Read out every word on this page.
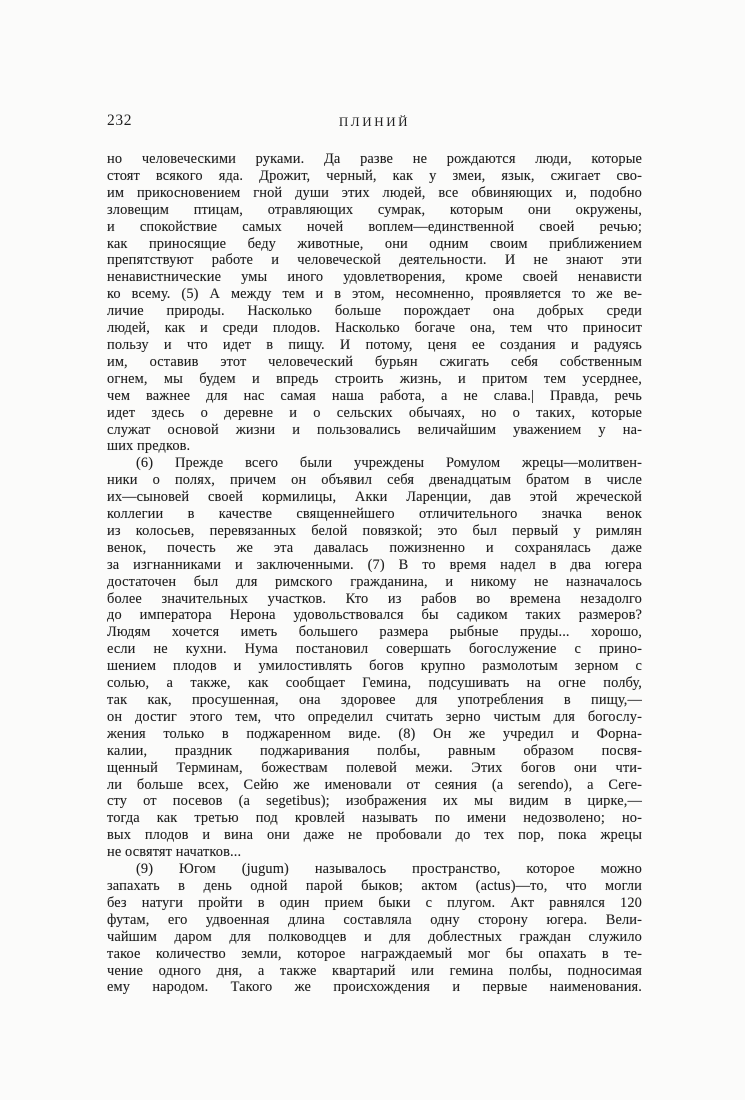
232	ПЛИНИЙ
но человеческими руками. Да разве не рождаются люди, которые
стоят всякого яда. Дрожит, черный, как у змеи, язык, сжигает сво-
им прикосновением гной души этих людей, все обвиняющих и, подобно
зловещим птицам, отравляющих сумрак, которым они окружены,
и спокойствие самых ночей воплем—единственной своей речью;
как приносящие беду животные, они одним своим приближением
препятствуют работе и человеческой деятельности. И не знают эти
ненавистнические умы иного удовлетворения, кроме своей ненависти
ко всему. (5) А между тем и в этом, несомненно, проявляется то же ве-
личие природы. Насколько больше порождает она добрых среди
людей, как и среди плодов. Насколько богаче она, тем что приносит
пользу и что идет в пищу. И потому, ценя ее создания и радуясь
им, оставив этот человеческий бурьян сжигать себя собственным
огнем, мы будем и впредь строить жизнь, и притом тем усерднее,
чем важнее для нас самая наша работа, а не слава.| Правда, речь
идет здесь о деревне и о сельских обычаях, но о таких, которые
служат основой жизни и пользовались величайшим уважением у на-
ших предков.
(6) Прежде всего были учреждены Ромулом жрецы—молитвен-
ники о полях, причем он объявил себя двенадцатым братом в числе
их—сыновей своей кормилицы, Акки Ларенции, дав этой жреческой
коллегии в качестве священнейшего отличительного значка венок
из колосьев, перевязанных белой повязкой; это был первый у римлян
венок, почесть же эта давалась пожизненно и сохранялась даже
за изгнанниками и заключенными. (7) В то время надел в два югера
достаточен был для римского гражданина, и никому не назначалось
более значительных участков. Кто из рабов во времена незадолго
до императора Нерона удовольствовался бы садиком таких размеров?
Людям хочется иметь большего размера рыбные пруды... хорошо,
если не кухни. Нума постановил совершать богослужение с прино-
шением плодов и умилостивлять богов крупно размолотым зерном с
солью, а также, как сообщает Гемина, подсушивать на огне полбу,
так как, просушенная, она здоровее для употребления в пищу,—
он достиг этого тем, что определил считать зерно чистым для богослу-
жения только в поджаренном виде. (8) Он же учредил и Форна-
калии, праздник поджаривания полбы, равным образом посвя-
щенный Терминам, божествам полевой межи. Этих богов они чти-
ли больше всех, Сейю же именовали от сеяния (a serendo), а Сеге-
сту от посевов (a segetibus); изображения их мы видим в цирке,—
тогда как третью под кровлей называть по имени недозволено; но-
вых плодов и вина они даже не пробовали до тех пор, пока жрецы
не освятят начатков...
(9) Югом (jugum) называлось пространство, которое можно
запахать в день одной парой быков; актом (actus)—то, что могли
без натуги пройти в один прием быки с плугом. Акт равнялся 120
футам, его удвоенная длина составляла одну сторону югера. Вели-
чайшим даром для полководцев и для доблестных граждан служило
такое количество земли, которое награждаемый мог бы опахать в те-
чение одного дня, а также квартарий или гемина полбы, подносимая
ему народом. Такого же происхождения и первые наименования.
